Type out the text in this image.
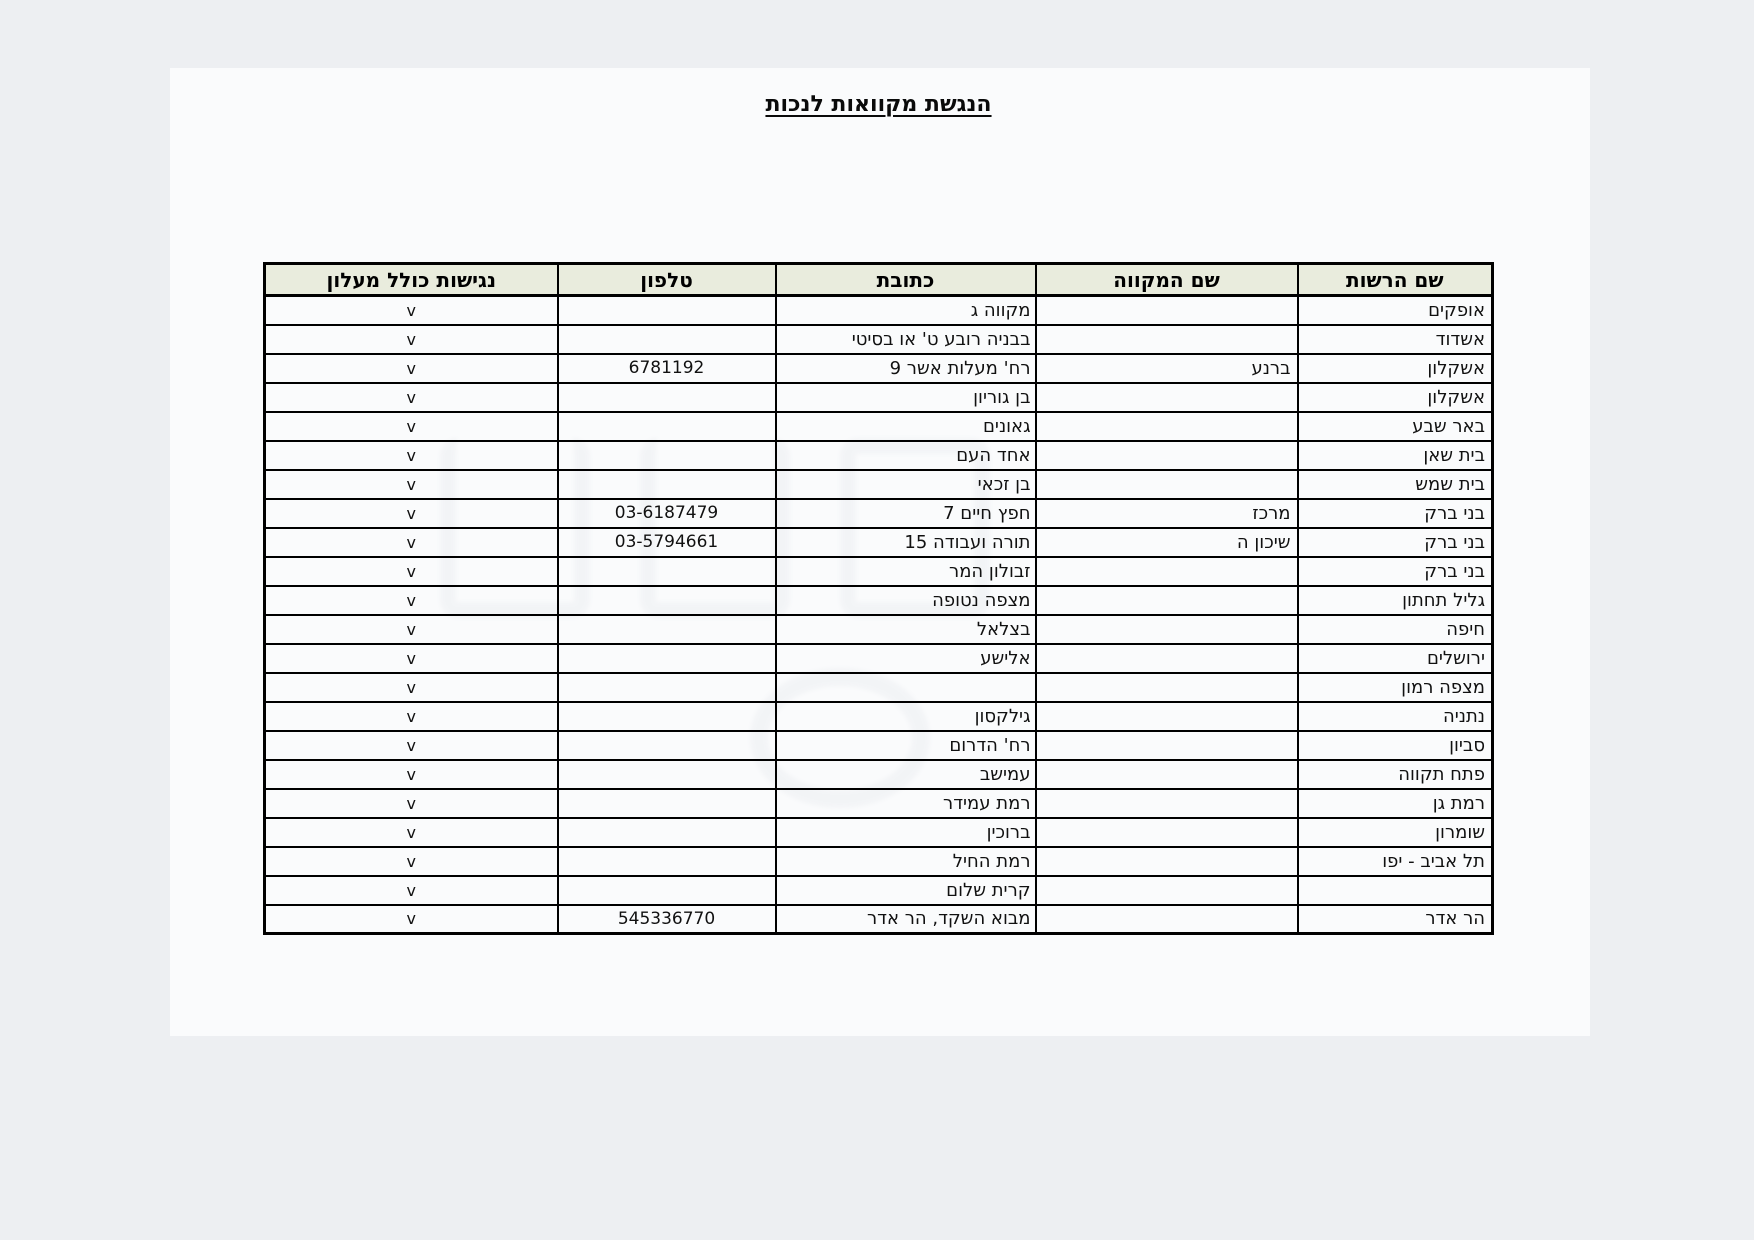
הנגשת מקוואות לנכות
שם הרשות	שם המקווה	כתובת	טלפון	נגישות כולל מעלון
אופקים		מקווה ג		v
אשדוד		בבניה רובע ט' או בסיטי		v
אשקלון	ברנע	רח' מעלות אשר 9	6781192	v
אשקלון		בן גוריון		v
באר שבע		גאונים		v
בית שאן		אחד העם		v
בית שמש		בן זכאי		v
בני ברק	מרכז	חפץ חיים 7	03-6187479	v
בני ברק	שיכון ה	תורה ועבודה 15	03-5794661	v
בני ברק		זבולון המר		v
גליל תחתון		מצפה נטופה		v
חיפה		בצלאל		v
ירושלים		אלישע		v
מצפה רמון				v
נתניה		גילקסון		v
סביון		רח' הדרום		v
פתח תקווה		עמישב		v
רמת גן		רמת עמידר		v
שומרון		ברוכין		v
תל אביב - יפו		רמת החיל		v
		קרית שלום		v
הר אדר		מבוא השקד, הר אדר	545336770	v
